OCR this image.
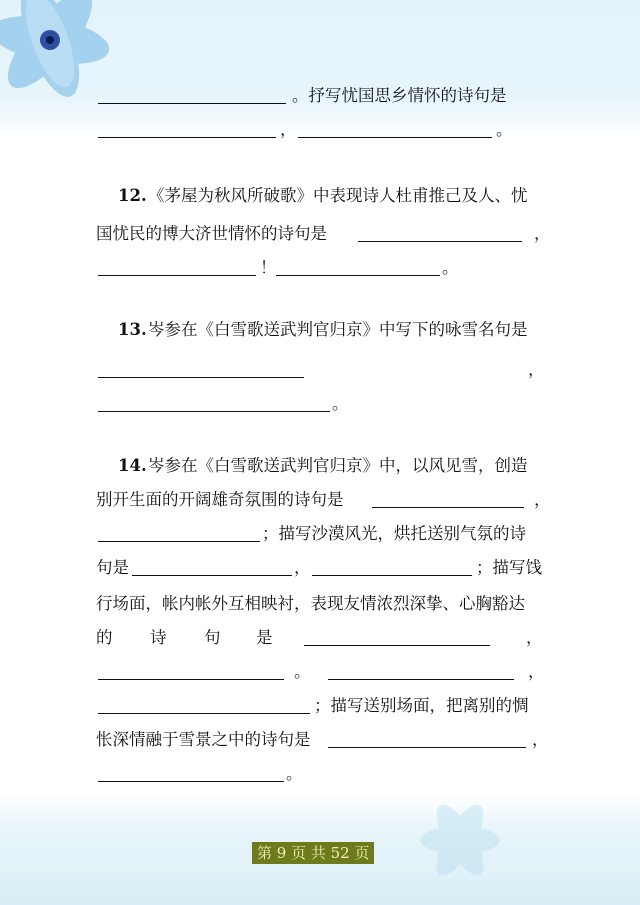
。抒写忧国思乡情怀的诗句是
，	。
12. 《茅屋为秋风所破歌》中表现诗人杜甫推己及人、忧
国忧民的博大济世情怀的诗句是	，
！	。
13. 岑参在《白雪歌送武判官归京》中写下的咏雪名句是
，
。
14. 岑参在《白雪歌送武判官归京》中，以风见雪，创造
别开生面的开阔雄奇氛围的诗句是	，
；描写沙漠风光，烘托送别气氛的诗
句是	，	；描写饯
行场面，帐内帐外互相映衬，表现友情浓烈深挚、心胸豁达
的 诗 句 是	，
。	，
；描写送别场面，把离别的惆
怅深情融于雪景之中的诗句是	，
。
第 9 页 共 52 页
